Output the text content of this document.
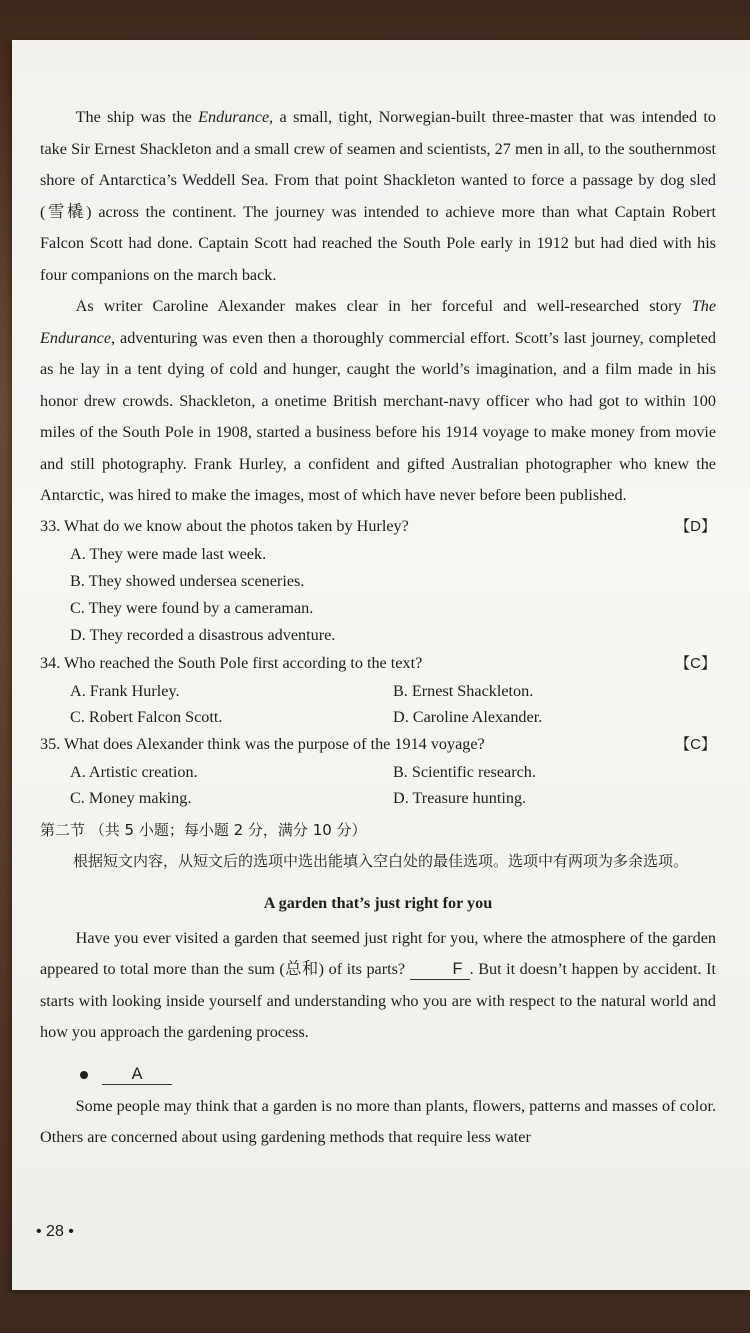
The ship was the Endurance, a small, tight, Norwegian-built three-master that was intended to take Sir Ernest Shackleton and a small crew of seamen and scientists, 27 men in all, to the southernmost shore of Antarctica’s Weddell Sea. From that point Shackleton wanted to force a passage by dog sled (雪橇) across the continent. The journey was intended to achieve more than what Captain Robert Falcon Scott had done. Captain Scott had reached the South Pole early in 1912 but had died with his four companions on the march back.

As writer Caroline Alexander makes clear in her forceful and well-researched story The Endurance, adventuring was even then a thoroughly commercial effort. Scott’s last journey, completed as he lay in a tent dying of cold and hunger, caught the world’s imagination, and a film made in his honor drew crowds. Shackleton, a onetime British merchant-navy officer who had got to within 100 miles of the South Pole in 1908, started a business before his 1914 voyage to make money from movie and still photography. Frank Hurley, a confident and gifted Australian photographer who knew the Antarctic, was hired to make the images, most of which have never before been published.

33. What do we know about the photos taken by Hurley?	【D】
A. They were made last week.
B. They showed undersea sceneries.
C. They were found by a cameraman.
D. They recorded a disastrous adventure.
34. Who reached the South Pole first according to the text?	【C】
A. Frank Hurley.	B. Ernest Shackleton.
C. Robert Falcon Scott.	D. Caroline Alexander.
35. What does Alexander think was the purpose of the 1914 voyage?	【C】
A. Artistic creation.	B. Scientific research.
C. Money making.	D. Treasure hunting.
第二节 （共 5 小题；每小题 2 分，满分 10 分）

根据短文内容，从短文后的选项中选出能填入空白处的最佳选项。选项中有两项为多余选项。

A garden that’s just right for you

Have you ever visited a garden that seemed just right for you, where the atmosphere of the garden appeared to total more than the sum (总和) of its parts?	F . But it doesn’t happen by accident. It starts with looking inside yourself and understanding who you are with respect to the natural world and how you approach the gardening process.

A

Some people may think that a garden is no more than plants, flowers, patterns and masses of color. Others are concerned about using gardening methods that require less water

• 28 •
